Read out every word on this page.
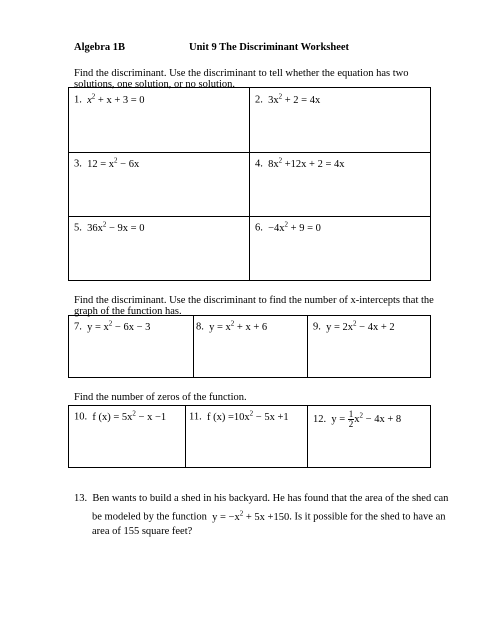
Algebra 1B	Unit 9 The Discriminant Worksheet
Find the discriminant. Use the discriminant to tell whether the equation has two
solutions, one solution, or no solution.
1. $x^2 + x + 3 = 0$	2. $3x^2 + 2 = 4x$
3. $12 = x^2 - 6x$	4. $8x^2 +12x + 2 = 4x$
5. $36x^2 - 9x = 0$	6. $-4x^2 + 9 = 0$
Find the discriminant. Use the discriminant to find the number of x-intercepts that the
graph of the function has.
7. $y = x^2 - 6x - 3$	8. $y = x^2 + x + 6$	9. $y = 2x^2 - 4x + 2$
Find the number of zeros of the function.
10. f $(x) = 5x^2 - x -1$ 11. f $(x) =10x^2 - 5x +1$ 12. $y = \frac{1}{2} x^2 - 4x + 8$
13. Ben wants to build a shed in his backyard. He has found that the area of the shed can
be modeled by the function $y = -x^2 + 5x +150$. Is it possible for the shed to have an
area of 155 square feet?
